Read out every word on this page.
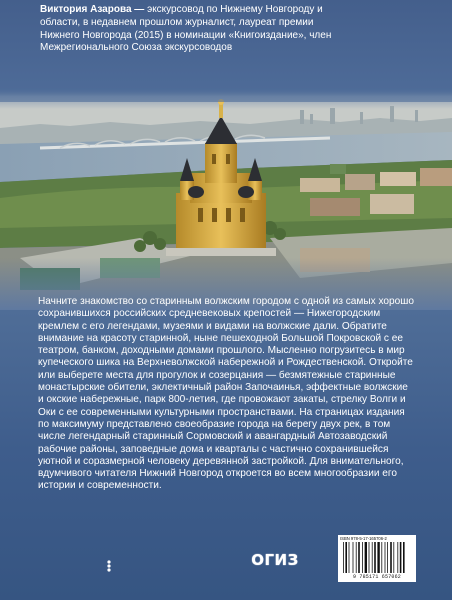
Виктория Азарова — экскурсовод по Нижнему Новгороду и области, в недавнем прошлом журналист, лауреат премии Нижнего Новгорода (2015) в номинации «Книгоиздание», член Межрегионального Союза экскурсоводов

Начните знакомство со старинным волжским городом с одной из самых хорошо сохранившихся российских средневековых крепостей — Нижегородским кремлем с его легендами, музеями и видами на волжские дали. Обратите внимание на красоту старинной, ныне пешеходной Большой Покровской с ее театром, банком, доходными домами прошлого. Мысленно погрузитесь в мир купеческого шика на Верхневолжской набережной и Рождественской. Откройте или выберете места для прогулок и созерцания — безмятежные старинные монастырские обители, эклектичный район Започаинья, эффектные волжские и окские набережные, парк 800-летия, где провожают закаты, стрелку Волги и Оки с ее современными культурными пространствами. На страницах издания по максимуму представлено своеобразие города на берегу двух рек, в том числе легендарный старинный Сормовский и авангардный Автозаводский рабочие районы, заповедные дома и кварталы с частично сохранившейся уютной и соразмерной человеку деревянной застройкой. Для внимательного, вдумчивого читателя Нижний Новгород откроется во всем многообразии его истории и современности.

ОГИЗ
ISBN 978-5-17-165706-2
9 785171 657062
